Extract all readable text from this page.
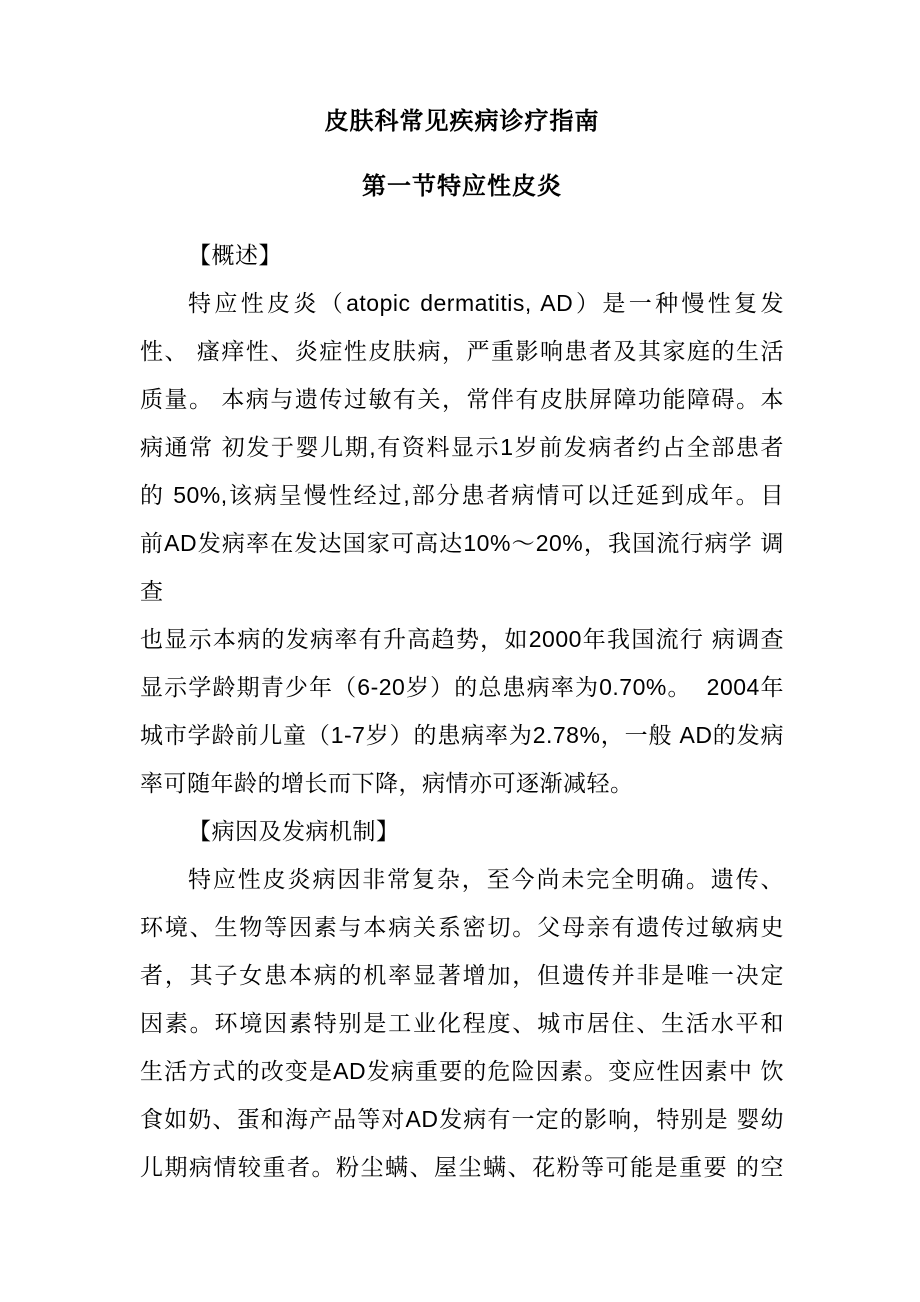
皮肤科常见疾病诊疗指南
第一节特应性皮炎
【概述】
特应性皮炎（atopic dermatitis, AD）是一种慢性复发
性、 瘙痒性、炎症性皮肤病，严重影响患者及其家庭的生活
质量。 本病与遗传过敏有关，常伴有皮肤屏障功能障碍。本
病通常 初发于婴儿期,有资料显示1岁前发病者约占全部患者
的 50%,该病呈慢性经过,部分患者病情可以迁延到成年。目
前AD发病率在发达国家可高达10%～20%，我国流行病学 调查
也显示本病的发病率有升高趋势，如2000年我国流行 病调查
显示学龄期青少年（6-20岁）的总患病率为0.70%。  2004年
城市学龄前儿童（1-7岁）的患病率为2.78%，一般 AD的发病
率可随年龄的增长而下降，病情亦可逐渐减轻。
【病因及发病机制】
特应性皮炎病因非常复杂，至今尚未完全明确。遗传、
环境、生物等因素与本病关系密切。父母亲有遗传过敏病史
者，其子女患本病的机率显著增加，但遗传并非是唯一决定
因素。环境因素特别是工业化程度、城市居住、生活水平和
生活方式的改变是AD发病重要的危险因素。变应性因素中 饮
食如奶、蛋和海产品等对AD发病有一定的影响，特别是 婴幼
儿期病情较重者。粉尘螨、屋尘螨、花粉等可能是重要 的空
